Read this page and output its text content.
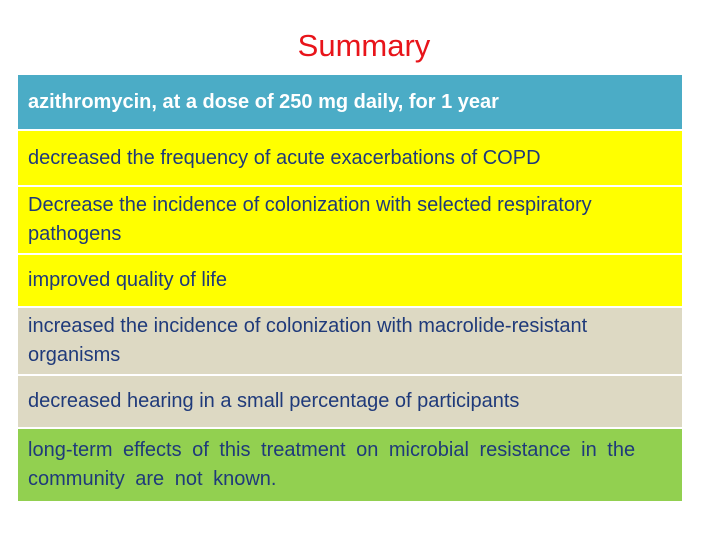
Summary
azithromycin, at a dose of 250 mg daily, for 1 year
decreased the frequency of acute exacerbations of COPD
Decrease the incidence of colonization with selected respiratory pathogens
improved quality of life
increased the incidence of colonization with macrolide-resistant organisms
decreased hearing in a small percentage of participants
long-term effects of this treatment on microbial resistance in the community are not known.
